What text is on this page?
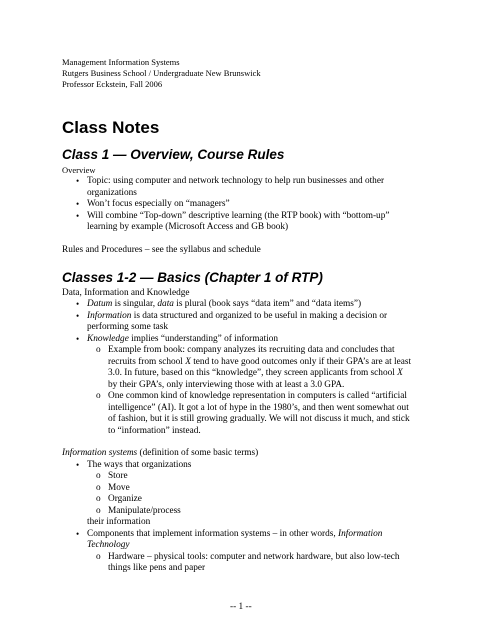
Management Information Systems
Rutgers Business School / Undergraduate New Brunswick
Professor Eckstein, Fall 2006
Class Notes
Class 1 — Overview, Course Rules
Overview
• Topic: using computer and network technology to help run businesses and other
organizations
• Won’t focus especially on “managers”
• Will combine “Top-down” descriptive learning (the RTP book) with “bottom-up”
learning by example (Microsoft Access and GB book)
Rules and Procedures – see the syllabus and schedule
Classes 1-2 — Basics (Chapter 1 of RTP)
Data, Information and Knowledge
• Datum is singular, data is plural (book says “data item” and “data items”)
• Information is data structured and organized to be useful in making a decision or
performing some task
• Knowledge implies “understanding” of information
o Example from book: company analyzes its recruiting data and concludes that
recruits from school X tend to have good outcomes only if their GPA’s are at least
3.0. In future, based on this “knowledge”, they screen applicants from school X
by their GPA’s, only interviewing those with at least a 3.0 GPA.
o One common kind of knowledge representation in computers is called “artificial
intelligence” (AI). It got a lot of hype in the 1980’s, and then went somewhat out
of fashion, but it is still growing gradually. We will not discuss it much, and stick
to “information” instead.
Information systems (definition of some basic terms)
• The ways that organizations
o Store
o Move
o Organize
o Manipulate/process
their information
• Components that implement information systems – in other words, Information
Technology
o Hardware – physical tools: computer and network hardware, but also low-tech
things like pens and paper
-- 1 --
